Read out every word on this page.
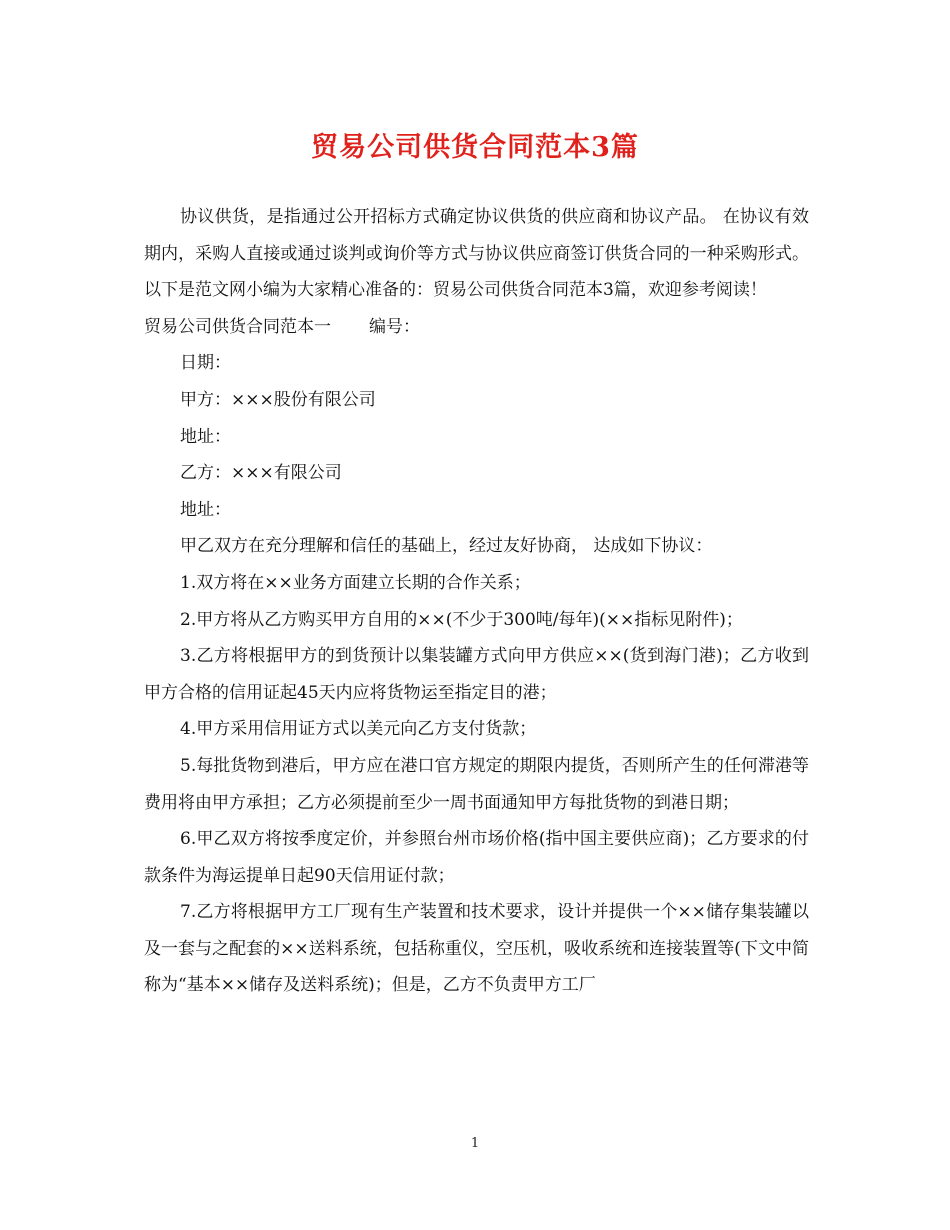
贸易公司供货合同范本3篇

协议供货，是指通过公开招标方式确定协议供货的供应商和协议产品。 在协议有效期内，采购人直接或通过谈判或询价等方式与协议供应商签订供货合同的一种采购形式。以下是范文网小编为大家精心准备的：贸易公司供货合同范本3篇，欢迎参考阅读！

贸易公司供货合同范本一 编号：

日期：

甲方：×××股份有限公司

地址：

乙方：×××有限公司

地址：

甲乙双方在充分理解和信任的基础上，经过友好协商， 达成如下协议：

1.双方将在××业务方面建立长期的合作关系；

2.甲方将从乙方购买甲方自用的××(不少于300吨/每年)(××指标见附件)；

3.乙方将根据甲方的到货预计以集装罐方式向甲方供应××(货到海门港)；乙方收到甲方合格的信用证起45天内应将货物运至指定目的港；

4.甲方采用信用证方式以美元向乙方支付货款；

5.每批货物到港后，甲方应在港口官方规定的期限内提货，否则所产生的任何滞港等费用将由甲方承担；乙方必须提前至少一周书面通知甲方每批货物的到港日期；

6.甲乙双方将按季度定价，并参照台州市场价格(指中国主要供应商)；乙方要求的付款条件为海运提单日起90天信用证付款；

7.乙方将根据甲方工厂现有生产装置和技术要求，设计并提供一个××储存集装罐以及一套与之配套的××送料系统，包括称重仪，空压机，吸收系统和连接装置等(下文中简称为“基本××储存及送料系统)；但是，乙方不负责甲方工厂

1
